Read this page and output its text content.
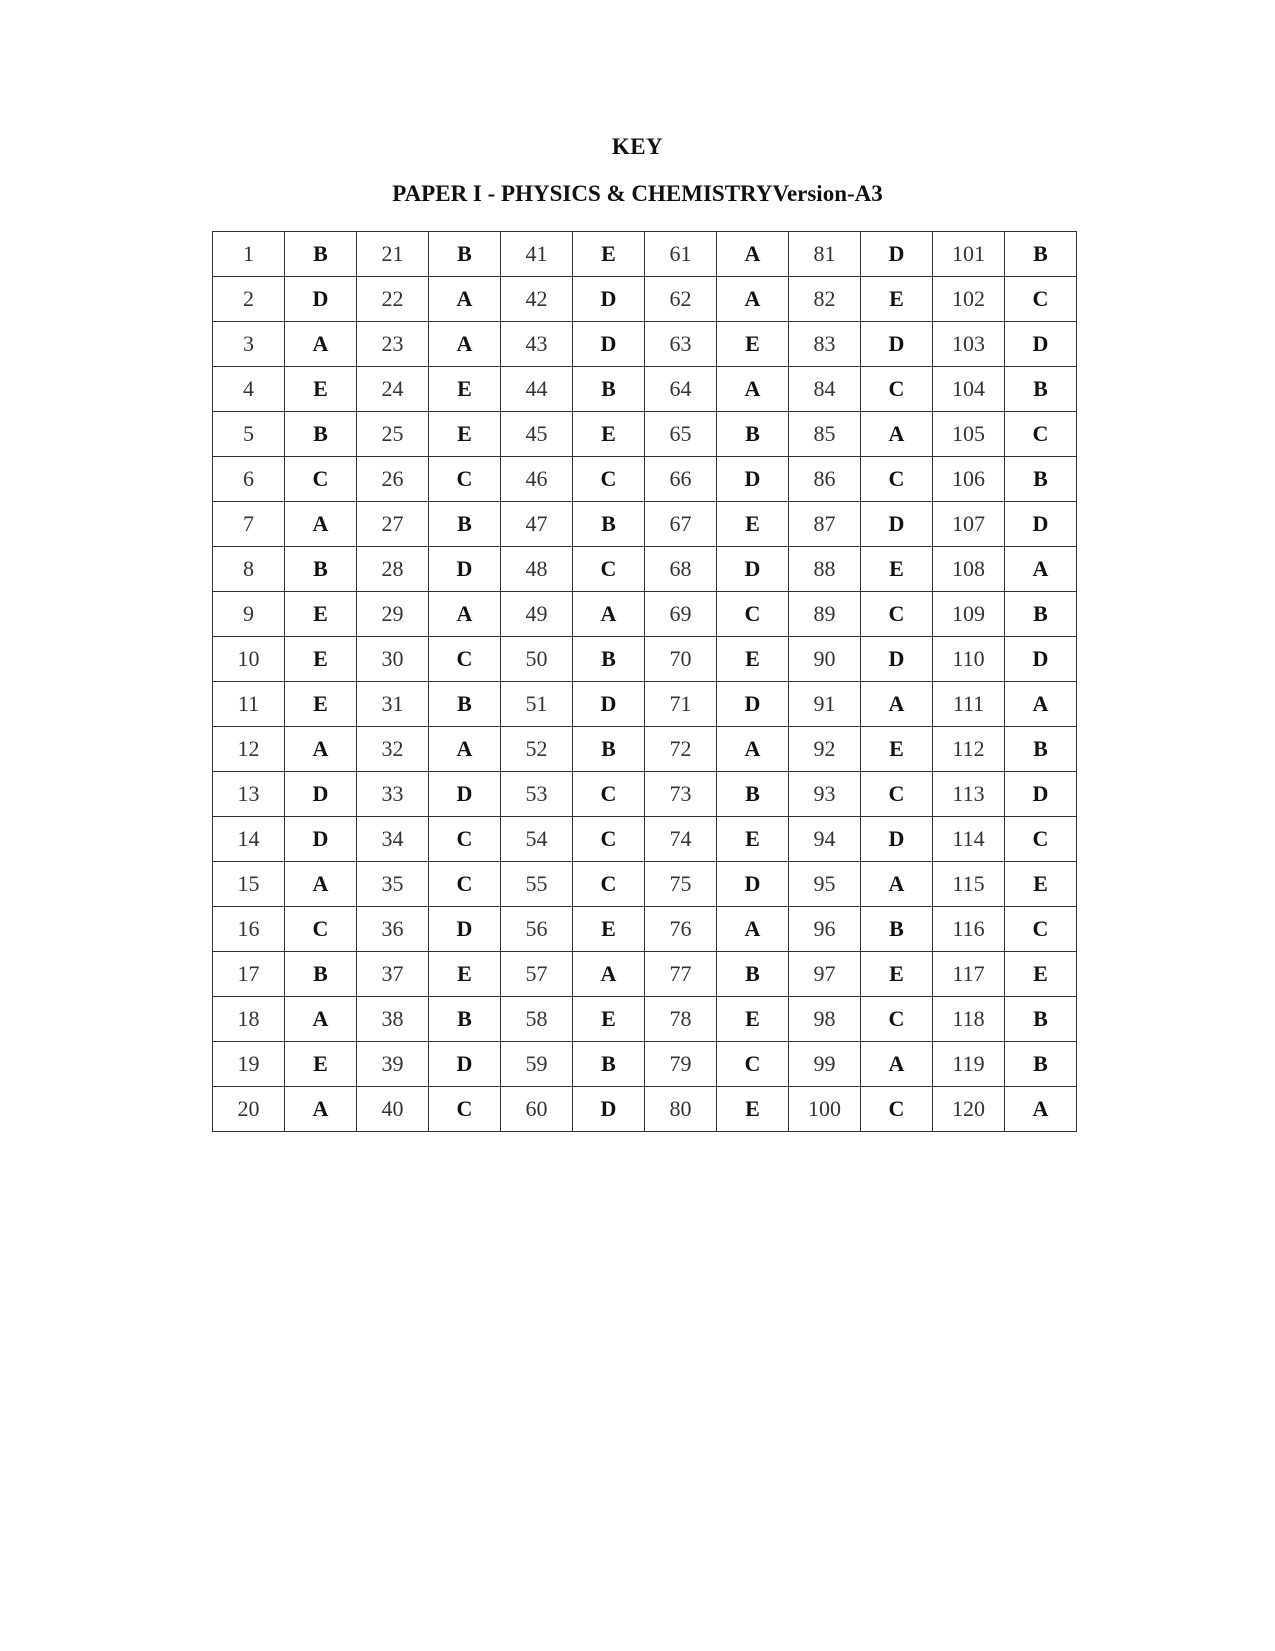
KEY
PAPER I - PHYSICS & CHEMISTRYVersion-A3
1	B	21	B	41	E	61	A	81	D	101	B
2	D	22	A	42	D	62	A	82	E	102	C
3	A	23	A	43	D	63	E	83	D	103	D
4	E	24	E	44	B	64	A	84	C	104	B
5	B	25	E	45	E	65	B	85	A	105	C
6	C	26	C	46	C	66	D	86	C	106	B
7	A	27	B	47	B	67	E	87	D	107	D
8	B	28	D	48	C	68	D	88	E	108	A
9	E	29	A	49	A	69	C	89	C	109	B
10	E	30	C	50	B	70	E	90	D	110	D
11	E	31	B	51	D	71	D	91	A	111	A
12	A	32	A	52	B	72	A	92	E	112	B
13	D	33	D	53	C	73	B	93	C	113	D
14	D	34	C	54	C	74	E	94	D	114	C
15	A	35	C	55	C	75	D	95	A	115	E
16	C	36	D	56	E	76	A	96	B	116	C
17	B	37	E	57	A	77	B	97	E	117	E
18	A	38	B	58	E	78	E	98	C	118	B
19	E	39	D	59	B	79	C	99	A	119	B
20	A	40	C	60	D	80	E	100	C	120	A
